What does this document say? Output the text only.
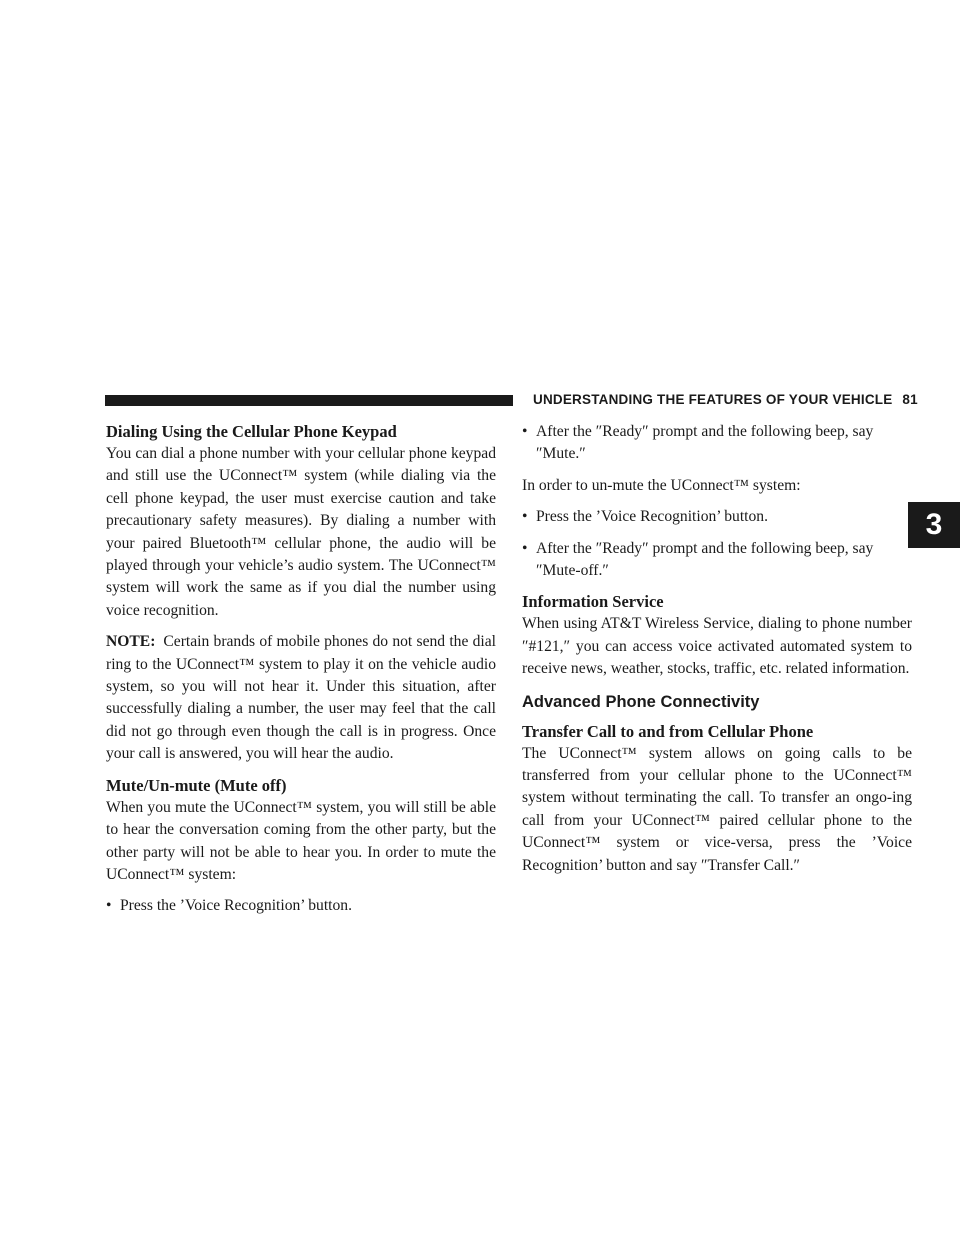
UNDERSTANDING THE FEATURES OF YOUR VEHICLE 81
3
Dialing Using the Cellular Phone Keypad

You can dial a phone number with your cellular phone keypad and still use the UConnect™ system (while dialing via the cell phone keypad, the user must exercise caution and take precautionary safety measures). By dialing a number with your paired Bluetooth™ cellular phone, the audio will be played through your vehicle’s audio system. The UConnect™ system will work the same as if you dial the number using voice recognition.

NOTE: Certain brands of mobile phones do not send the dial ring to the UConnect™ system to play it on the vehicle audio system, so you will not hear it. Under this situation, after successfully dialing a number, the user may feel that the call did not go through even though the call is in progress. Once your call is answered, you will hear the audio.

Mute/Un-mute (Mute off)

When you mute the UConnect™ system, you will still be able to hear the conversation coming from the other party, but the other party will not be able to hear you. In order to mute the UConnect™ system:

• Press the ’Voice Recognition’ button.
• After the ″Ready″ prompt and the following beep, say ″Mute.″

In order to un-mute the UConnect™ system:

• Press the ’Voice Recognition’ button.
• After the ″Ready″ prompt and the following beep, say ″Mute-off.″
Information Service

When using AT&T Wireless Service, dialing to phone number ″#121,″ you can access voice activated automated system to receive news, weather, stocks, traffic, etc. related information.

Advanced Phone Connectivity
Transfer Call to and from Cellular Phone

The UConnect™ system allows on going calls to be transferred from your cellular phone to the UConnect™ system without terminating the call. To transfer an ongo-ing call from your UConnect™ paired cellular phone to the UConnect™ system or vice-versa, press the ’Voice Recognition’ button and say ″Transfer Call.″
